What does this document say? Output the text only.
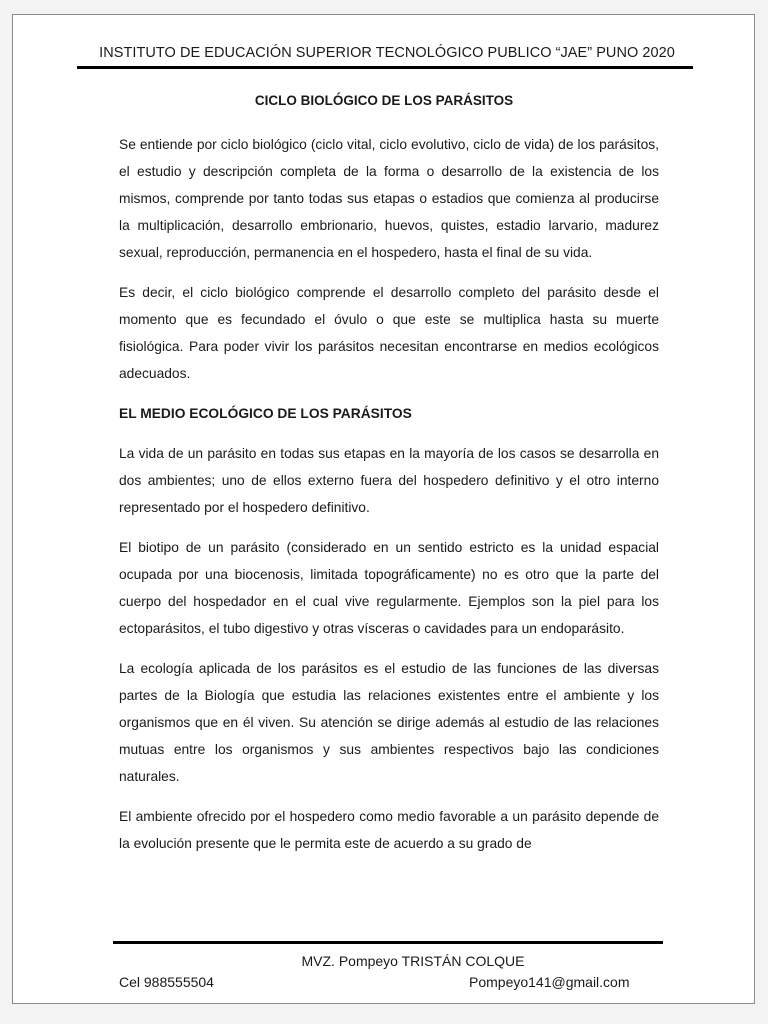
INSTITUTO DE EDUCACIÓN SUPERIOR TECNOLÓGICO PUBLICO “JAE” PUNO 2020
CICLO BIOLÓGICO DE LOS PARÁSITOS

Se entiende por ciclo biológico (ciclo vital, ciclo evolutivo, ciclo de vida) de los parásitos, el estudio y descripción completa de la forma o desarrollo de la existencia de los mismos, comprende por tanto todas sus etapas o estadios que comienza al producirse la multiplicación, desarrollo embrionario, huevos, quistes, estadio larvario, madurez sexual, reproducción, permanencia en el hospedero, hasta el final de su vida.

Es decir, el ciclo biológico comprende el desarrollo completo del parásito desde el momento que es fecundado el óvulo o que este se multiplica hasta su muerte fisiológica. Para poder vivir los parásitos necesitan encontrarse en medios ecológicos adecuados.

EL MEDIO ECOLÓGICO DE LOS PARÁSITOS

La vida de un parásito en todas sus etapas en la mayoría de los casos se desarrolla en dos ambientes; uno de ellos externo fuera del hospedero definitivo y el otro interno representado por el hospedero definitivo.

El biotipo de un parásito (considerado en un sentido estricto es la unidad espacial ocupada por una biocenosis, limitada topográficamente) no es otro que la parte del cuerpo del hospedador en el cual vive regularmente. Ejemplos son la piel para los ectoparásitos, el tubo digestivo y otras vísceras o cavidades para un endoparásito.

La ecología aplicada de los parásitos es el estudio de las funciones de las diversas partes de la Biología que estudia las relaciones existentes entre el ambiente y los organismos que en él viven. Su atención se dirige además al estudio de las relaciones mutuas entre los organismos y sus ambientes respectivos bajo las condiciones naturales.

El ambiente ofrecido por el hospedero como medio favorable a un parásito depende de la evolución presente que le permita este de acuerdo a su grado de

MVZ. Pompeyo TRISTÁN COLQUE
Cel 988555504	Pompeyo141@gmail.com
